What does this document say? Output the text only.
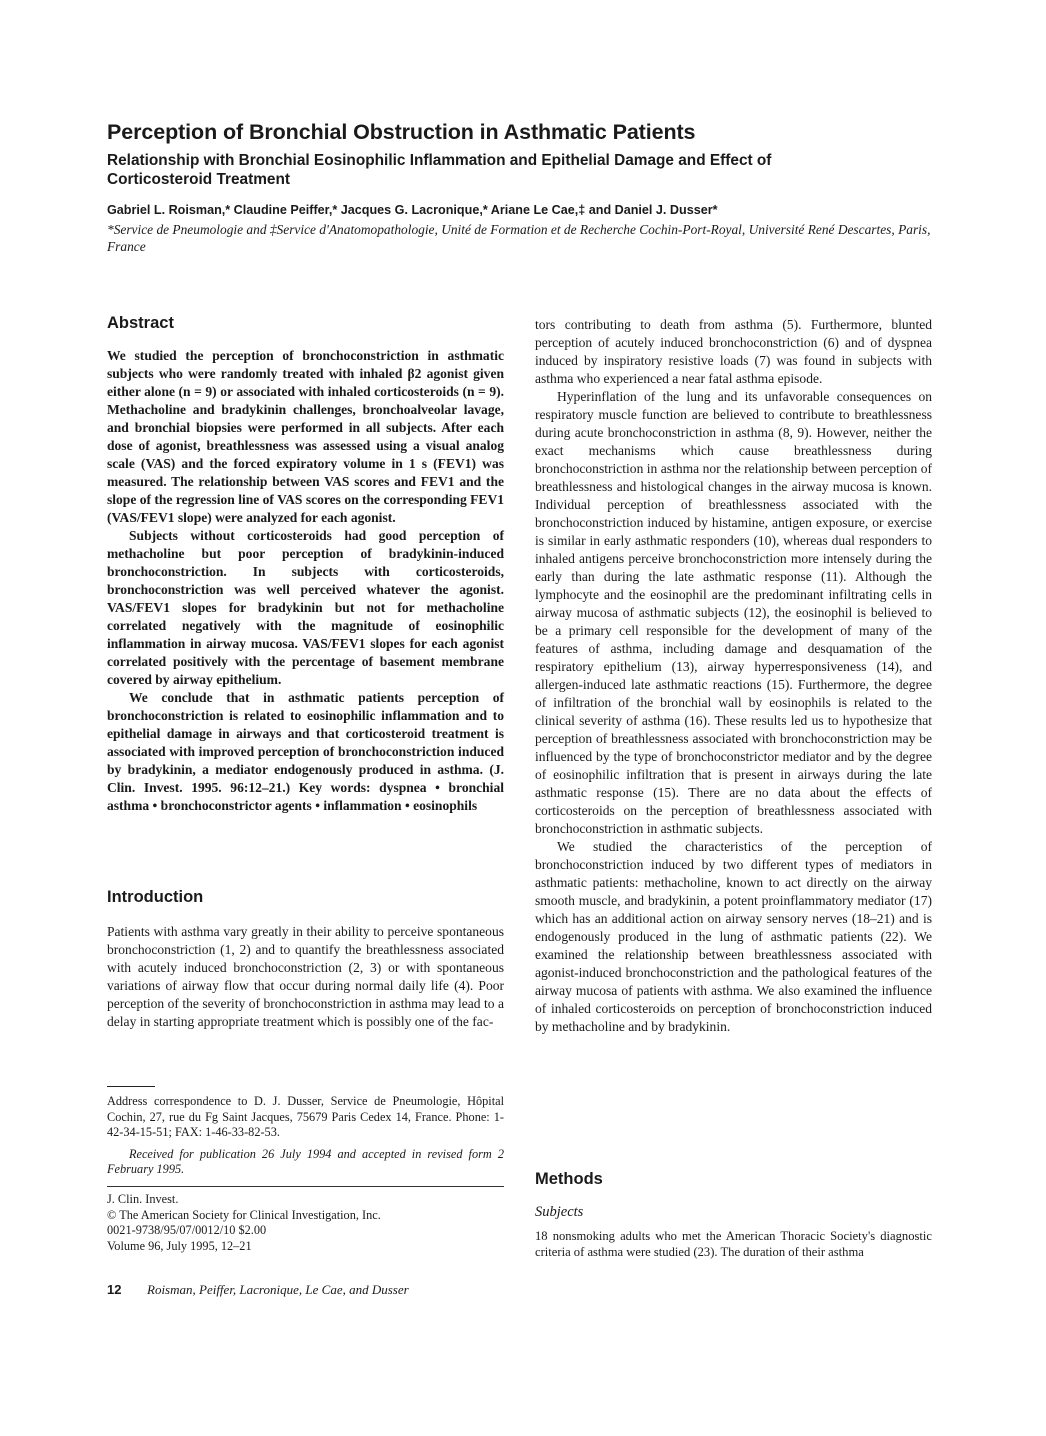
Perception of Bronchial Obstruction in Asthmatic Patients
Relationship with Bronchial Eosinophilic Inflammation and Epithelial Damage and Effect of Corticosteroid Treatment
Gabriel L. Roisman,* Claudine Peiffer,* Jacques G. Lacronique,* Ariane Le Cae,‡ and Daniel J. Dusser*
*Service de Pneumologie and ‡Service d'Anatomopathologie, Unité de Formation et de Recherche Cochin-Port-Royal, Université René Descartes, Paris, France
Abstract

We studied the perception of bronchoconstriction in asthmatic subjects who were randomly treated with inhaled β2 agonist given either alone (n = 9) or associated with inhaled corticosteroids (n = 9). Methacholine and bradykinin challenges, bronchoalveolar lavage, and bronchial biopsies were performed in all subjects. After each dose of agonist, breathlessness was assessed using a visual analog scale (VAS) and the forced expiratory volume in 1 s (FEV1) was measured. The relationship between VAS scores and FEV1 and the slope of the regression line of VAS scores on the corresponding FEV1 (VAS/FEV1 slope) were analyzed for each agonist.

Subjects without corticosteroids had good perception of methacholine but poor perception of bradykinin-induced bronchoconstriction. In subjects with corticosteroids, bronchoconstriction was well perceived whatever the agonist. VAS/FEV1 slopes for bradykinin but not for methacholine correlated negatively with the magnitude of eosinophilic inflammation in airway mucosa. VAS/FEV1 slopes for each agonist correlated positively with the percentage of basement membrane covered by airway epithelium.

We conclude that in asthmatic patients perception of bronchoconstriction is related to eosinophilic inflammation and to epithelial damage in airways and that corticosteroid treatment is associated with improved perception of bronchoconstriction induced by bradykinin, a mediator endogenously produced in asthma. (J. Clin. Invest. 1995. 96:12–21.) Key words: dyspnea • bronchial asthma • bronchoconstrictor agents • inflammation • eosinophils

Introduction

Patients with asthma vary greatly in their ability to perceive spontaneous bronchoconstriction (1, 2) and to quantify the breathlessness associated with acutely induced bronchoconstriction (2, 3) or with spontaneous variations of airway flow that occur during normal daily life (4). Poor perception of the severity of bronchoconstriction in asthma may lead to a delay in starting appropriate treatment which is possibly one of the fac-

Address correspondence to D. J. Dusser, Service de Pneumologie, Hôpital Cochin, 27, rue du Fg Saint Jacques, 75679 Paris Cedex 14, France. Phone: 1-42-34-15-51; FAX: 1-46-33-82-53.

Received for publication 26 July 1994 and accepted in revised form 2 February 1995.

J. Clin. Invest.
© The American Society for Clinical Investigation, Inc.
0021-9738/95/07/0012/10 $2.00
Volume 96, July 1995, 12–21
12 Roisman, Peiffer, Lacronique, Le Cae, and Dusser

tors contributing to death from asthma (5). Furthermore, blunted perception of acutely induced bronchoconstriction (6) and of dyspnea induced by inspiratory resistive loads (7) was found in subjects with asthma who experienced a near fatal asthma episode.

Hyperinflation of the lung and its unfavorable consequences on respiratory muscle function are believed to contribute to breathlessness during acute bronchoconstriction in asthma (8, 9). However, neither the exact mechanisms which cause breathlessness during bronchoconstriction in asthma nor the relationship between perception of breathlessness and histological changes in the airway mucosa is known. Individual perception of breathlessness associated with the bronchoconstriction induced by histamine, antigen exposure, or exercise is similar in early asthmatic responders (10), whereas dual responders to inhaled antigens perceive bronchoconstriction more intensely during the early than during the late asthmatic response (11). Although the lymphocyte and the eosinophil are the predominant infiltrating cells in airway mucosa of asthmatic subjects (12), the eosinophil is believed to be a primary cell responsible for the development of many of the features of asthma, including damage and desquamation of the respiratory epithelium (13), airway hyperresponsiveness (14), and allergen-induced late asthmatic reactions (15). Furthermore, the degree of infiltration of the bronchial wall by eosinophils is related to the clinical severity of asthma (16). These results led us to hypothesize that perception of breathlessness associated with bronchoconstriction may be influenced by the type of bronchoconstrictor mediator and by the degree of eosinophilic infiltration that is present in airways during the late asthmatic response (15). There are no data about the effects of corticosteroids on the perception of breathlessness associated with bronchoconstriction in asthmatic subjects.

We studied the characteristics of the perception of bronchoconstriction induced by two different types of mediators in asthmatic patients: methacholine, known to act directly on the airway smooth muscle, and bradykinin, a potent proinflammatory mediator (17) which has an additional action on airway sensory nerves (18–21) and is endogenously produced in the lung of asthmatic patients (22). We examined the relationship between breathlessness associated with agonist-induced bronchoconstriction and the pathological features of the airway mucosa of patients with asthma. We also examined the influence of inhaled corticosteroids on perception of bronchoconstriction induced by methacholine and by bradykinin.

Methods
Subjects

18 nonsmoking adults who met the American Thoracic Society's diagnostic criteria of asthma were studied (23). The duration of their asthma
